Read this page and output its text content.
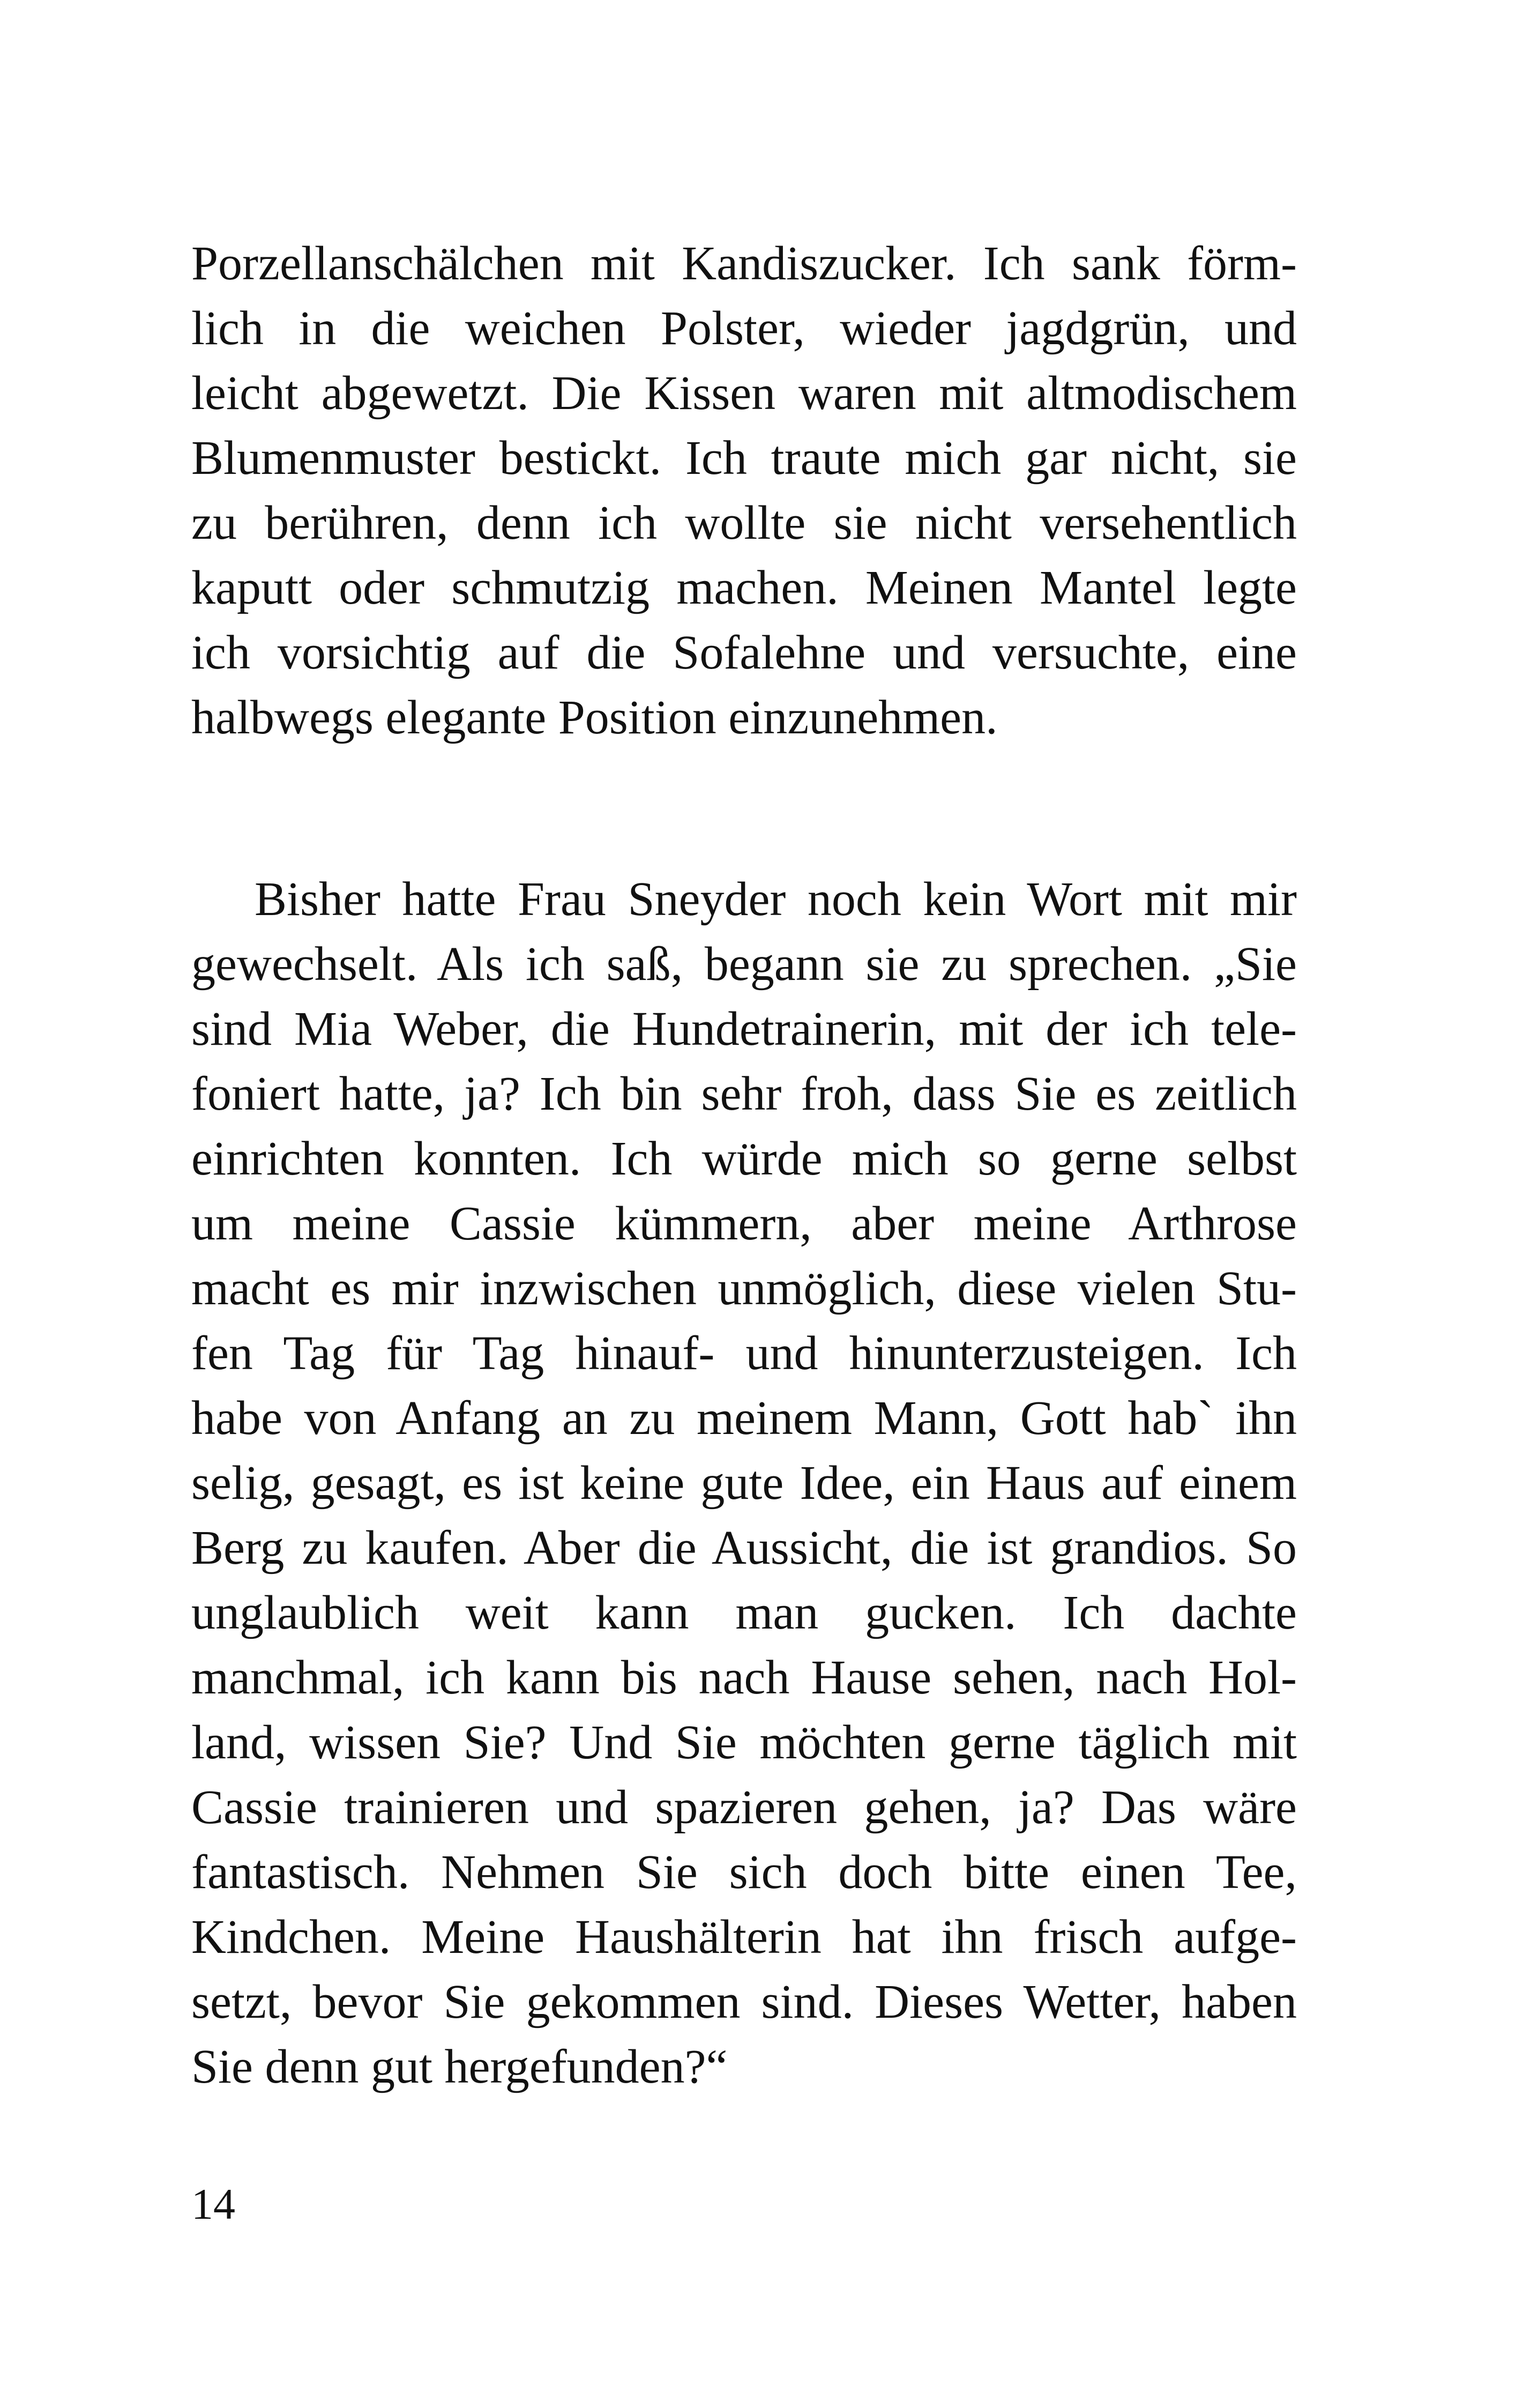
Porzellanschälchen mit Kandiszucker. Ich sank förm-
lich in die weichen Polster, wieder jagdgrün, und
leicht abgewetzt. Die Kissen waren mit altmodischem
Blumenmuster bestickt. Ich traute mich gar nicht, sie
zu berühren, denn ich wollte sie nicht versehentlich
kaputt oder schmutzig machen. Meinen Mantel legte
ich vorsichtig auf die Sofalehne und versuchte, eine
halbwegs elegante Position einzunehmen.
Bisher hatte Frau Sneyder noch kein Wort mit mir
gewechselt. Als ich saß, begann sie zu sprechen. „Sie
sind Mia Weber, die Hundetrainerin, mit der ich tele-
foniert hatte, ja? Ich bin sehr froh, dass Sie es zeitlich
einrichten konnten. Ich würde mich so gerne selbst
um meine Cassie kümmern, aber meine Arthrose
macht es mir inzwischen unmöglich, diese vielen Stu-
fen Tag für Tag hinauf- und hinunterzusteigen. Ich
habe von Anfang an zu meinem Mann, Gott hab` ihn
selig, gesagt, es ist keine gute Idee, ein Haus auf einem
Berg zu kaufen. Aber die Aussicht, die ist grandios. So
unglaublich weit kann man gucken. Ich dachte
manchmal, ich kann bis nach Hause sehen, nach Hol-
land, wissen Sie? Und Sie möchten gerne täglich mit
Cassie trainieren und spazieren gehen, ja? Das wäre
fantastisch. Nehmen Sie sich doch bitte einen Tee,
Kindchen. Meine Haushälterin hat ihn frisch aufge-
setzt, bevor Sie gekommen sind. Dieses Wetter, haben
Sie denn gut hergefunden?“
14
